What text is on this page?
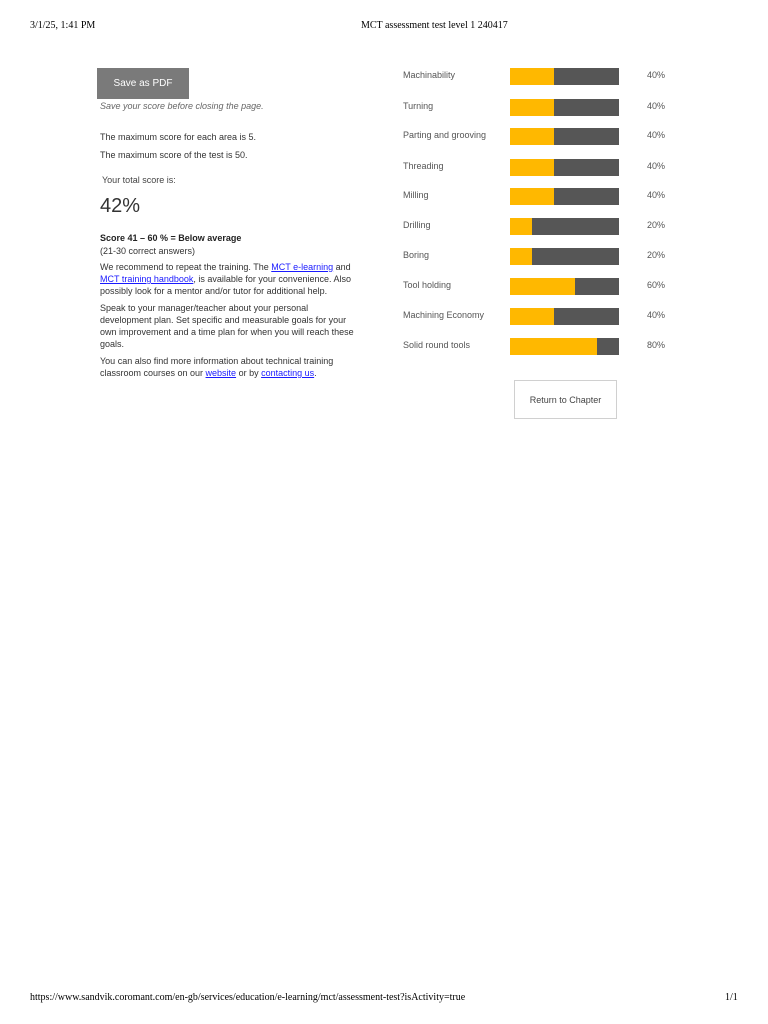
3/1/25, 1:41 PM	MCT assessment test level 1 240417
Save as PDF
Save your score before closing the page.
The maximum score for each area is 5.
The maximum score of the test is 50.
Your total score is:
42%
Score 41 – 60 % = Below average
(21-30 correct answers)
We recommend to repeat the training. The MCT e-learning and MCT training handbook, is available for your convenience. Also possibly look for a mentor and/or tutor for additional help.
Speak to your manager/teacher about your personal development plan. Set specific and measurable goals for your own improvement and a time plan for when you will reach these goals.
You can also find more information about technical training classroom courses on our website or by contacting us.
Machinability	40%
Turning	40%
Parting and grooving	40%
Threading	40%
Milling	40%
Drilling	20%
Boring	20%
Tool holding	60%
Machining Economy	40%
Solid round tools	80%
Return to Chapter
https://www.sandvik.coromant.com/en-gb/services/education/e-learning/mct/assessment-test?isActivity=true	1/1
